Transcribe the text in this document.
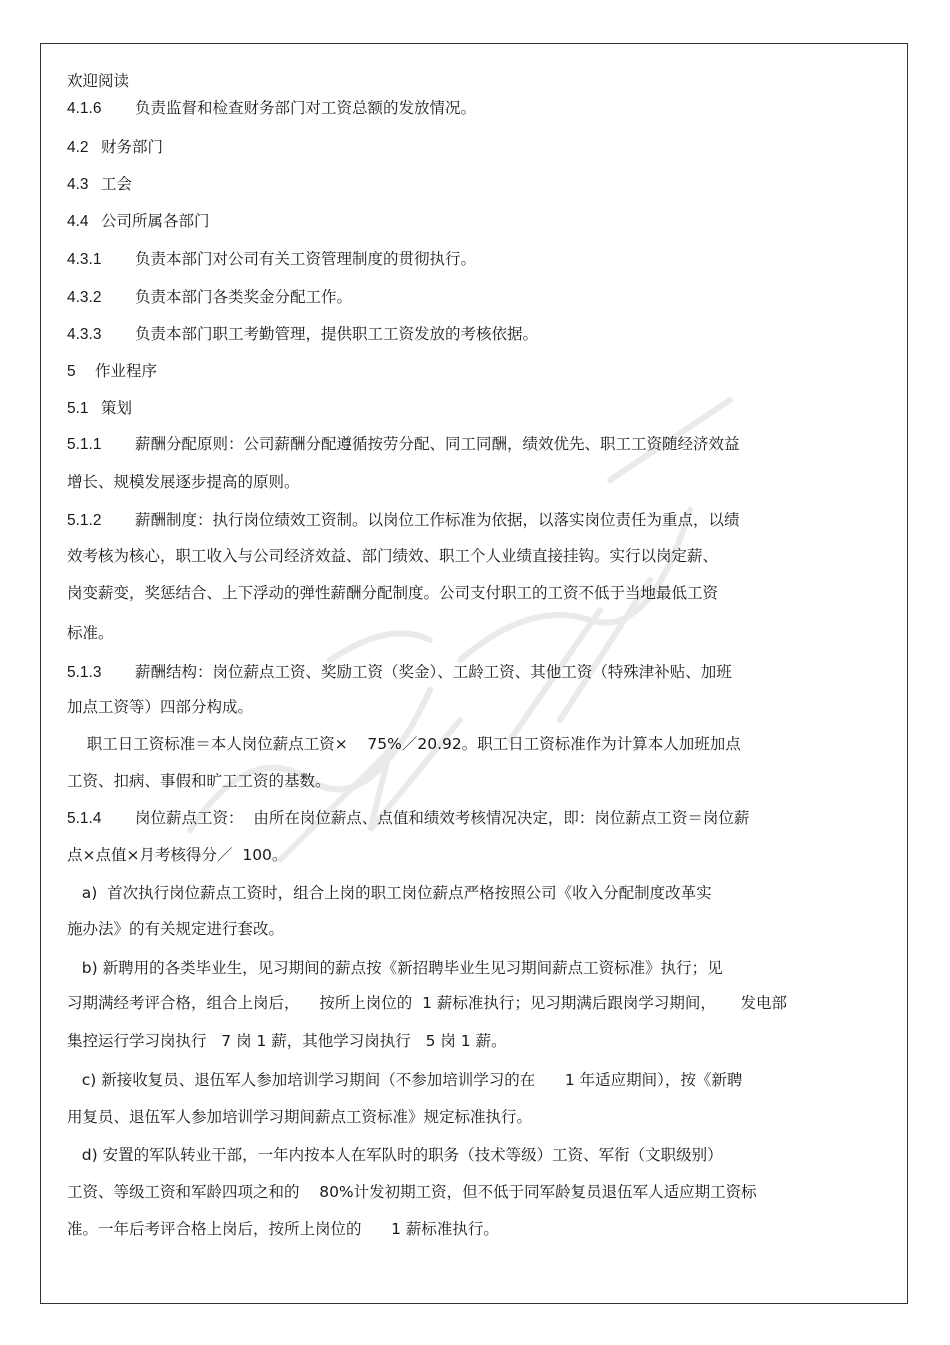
欢迎阅读
4.1.6 负责监督和检查财务部门对工资总额的发放情况。
4.2 财务部门
4.3 工会
4.4 公司所属各部门
4.3.1 负责本部门对公司有关工资管理制度的贯彻执行。
4.3.2 负责本部门各类奖金分配工作。
4.3.3 负责本部门职工考勤管理，提供职工工资发放的考核依据。
5 作业程序
5.1 策划
5.1.1 薪酬分配原则：公司薪酬分配遵循按劳分配、同工同酬，绩效优先、职工工资随经济效益
增长、规模发展逐步提高的原则。
5.1.2 薪酬制度：执行岗位绩效工资制。以岗位工作标准为依据，以落实岗位责任为重点，以绩
效考核为核心，职工收入与公司经济效益、部门绩效、职工个人业绩直接挂钩。实行以岗定薪、
岗变薪变，奖惩结合、上下浮动的弹性薪酬分配制度。公司支付职工的工资不低于当地最低工资
标准。
5.1.3 薪酬结构：岗位薪点工资、奖励工资（奖金）、工龄工资、其他工资（特殊津补贴、加班
加点工资等）四部分构成。
职工日工资标准＝本人岗位薪点工资×    75%／20.92。职工日工资标准作为计算本人加班加点
工资、扣病、事假和旷工工资的基数。
5.1.4 岗位薪点工资：  由所在岗位薪点、点值和绩效考核情况决定，即：岗位薪点工资＝岗位薪
点×点值×月考核得分／  100。
a)  首次执行岗位薪点工资时，组合上岗的职工岗位薪点严格按照公司《收入分配制度改革实
施办法》的有关规定进行套改。
b) 新聘用的各类毕业生，见习期间的薪点按《新招聘毕业生见习期间薪点工资标准》执行；见
习期满经考评合格，组合上岗后，    按所上岗位的  1 薪标准执行；见习期满后跟岗学习期间，     发电部
集控运行学习岗执行   7 岗 1 薪，其他学习岗执行   5 岗 1 薪。
c) 新接收复员、退伍军人参加培训学习期间（不参加培训学习的在      1 年适应期间），按《新聘
用复员、退伍军人参加培训学习期间薪点工资标准》规定标准执行。
d) 安置的军队转业干部，一年内按本人在军队时的职务（技术等级）工资、军衔（文职级别）
工资、等级工资和军龄四项之和的    80%计发初期工资，但不低于同军龄复员退伍军人适应期工资标
准。一年后考评合格上岗后，按所上岗位的      1 薪标准执行。
